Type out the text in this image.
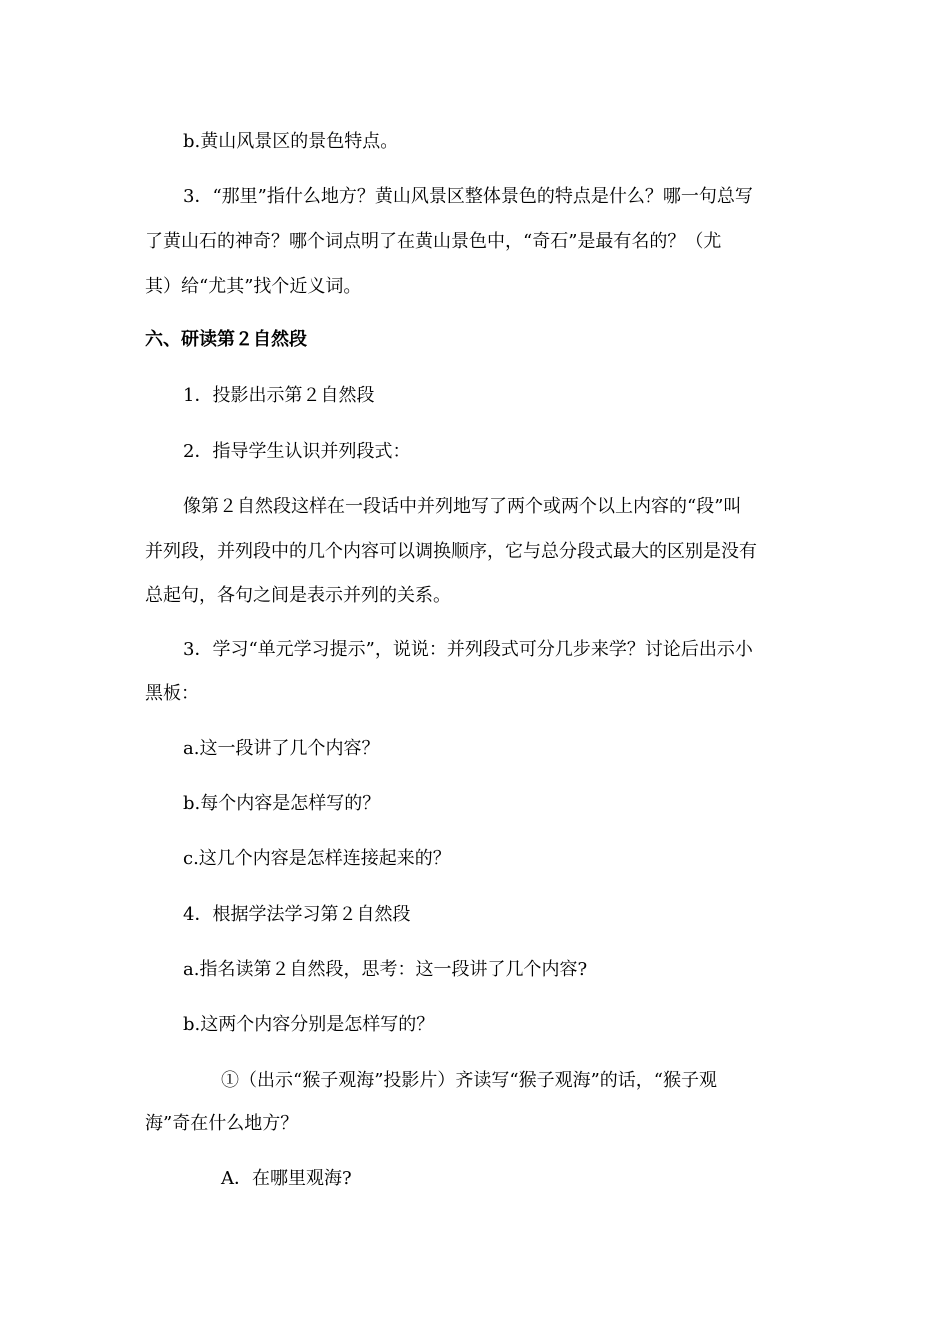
b.黄山风景区的景色特点。

3．“那里”指什么地方？黄山风景区整体景色的特点是什么？哪一句总写

了黄山石的神奇？哪个词点明了在黄山景色中，“奇石”是最有名的？（尤

其）给“尤其”找个近义词。

六、研读第２自然段

1．投影出示第２自然段

2．指导学生认识并列段式：

像第２自然段这样在一段话中并列地写了两个或两个以上内容的“段”叫

并列段，并列段中的几个内容可以调换顺序，它与总分段式最大的区别是没有

总起句，各句之间是表示并列的关系。

3．学习“单元学习提示”，说说：并列段式可分几步来学？讨论后出示小

黑板：

a.这一段讲了几个内容？

b.每个内容是怎样写的？

c.这几个内容是怎样连接起来的？

4．根据学法学习第２自然段

a.指名读第２自然段，思考：这一段讲了几个内容?

b.这两个内容分别是怎样写的？

①（出示“猴子观海”投影片）齐读写“猴子观海”的话，“猴子观

海”奇在什么地方？

A．在哪里观海?
